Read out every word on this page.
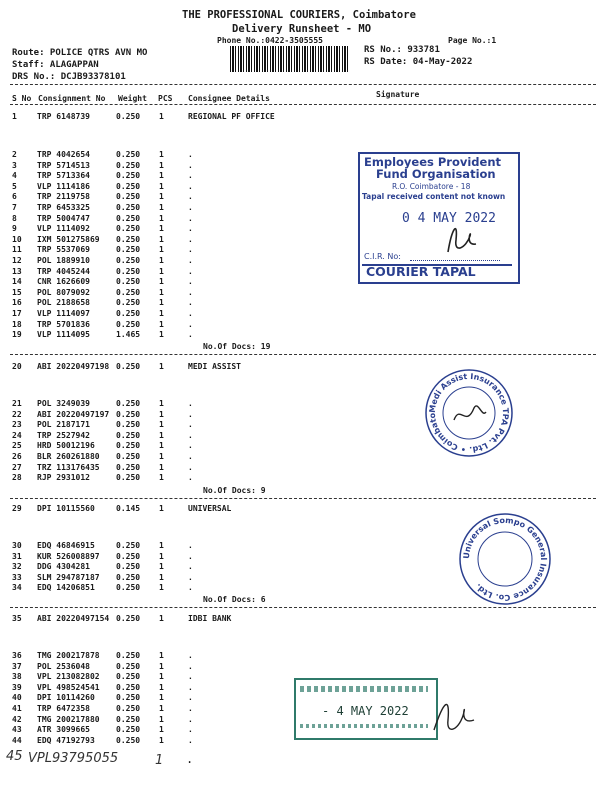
THE PROFESSIONAL COURIERS, Coimbatore
Delivery Runsheet - MO
Phone No.:0422-3505555	Page No.:1
Route: POLICE QTRS AVN MO
Staff: ALAGAPPAN
DRS No.: DCJB93378101
RS No.: 933781
RS Date: 04-May-2022
S No Consignment No Weight PCS Consignee Details	Signature
1	TRP 6148739	0.250 1	REGIONAL PF OFFICE
2	TRP 4042654	0.250 1	.
3	TRP 5714513	0.250 1	.
4	TRP 5713364	0.250 1	.
5	VLP 1114186	0.250 1	.
6	TRP 2119758	0.250 1	.
7	TRP 6453325	0.250 1	.
8	TRP 5004747	0.250 1	.
9	VLP 1114092	0.250 1	.
10 IXM 501275869 0.250 1	.
11 TRP 5537069	0.250 1	.
12 POL 1889910	0.250 1	.
13 TRP 4045244	0.250 1	.
14 CNR 1626609	0.250 1	.
15 POL 8079092	0.250 1	.
16 POL 2188658	0.250 1	.
17 VLP 1114097	0.250 1	.
18 TRP 5701836	0.250 1	.
19 VLP 1114095	1.465 1	.
No.Of Docs: 19
20 ABI 20220497198 0.250 1	MEDI ASSIST
21 POL 3249039	0.250 1	.
22 ABI 20220497197 0.250 1	.
23 POL 2187171	0.250 1	.
24 TRP 2527942	0.250 1	.
25 HRD 50012196	0.250 1	.
26 BLR 260261880 0.250 1	.
27 TRZ 113176435 0.250 1	.
28 RJP 2931012	0.250 1	.
No.Of Docs: 9
29 DPI 10115560	0.145 1	UNIVERSAL
30 EDQ 46846915	0.250 1	.
31 KUR 526008897 0.250 1	.
32 DDG 4304281	0.250 1	.
33 SLM 294787187 0.250 1	.
34 EDQ 14206851	0.250 1	.
No.Of Docs: 6
35 ABI 20220497154 0.250 1	IDBI BANK
36 TMG 200217878 0.250 1	.
37 POL 2536048	0.250 1	.
38 VPL 213082802 0.250 1	.
39 VPL 498524541 0.250 1	.
40 DPI 10114260	0.250 1	.
41 TRP 6472358	0.250 1	.
42 TMG 200217880 0.250 1	.
43 ATR 3099665	0.250 1	.
44 EDQ 47192793	0.250 1	.
45 VPL93795055	1 .
Employees Provident
Fund Organisation
R.O. Coimbatore - 18
Tapal received content not known
0 4 MAY 2022
C.I.R. No:
COURIER TAPAL
Medi Assist Insurance TPA Pvt. Ltd. • Coimbato
Universal Sompo General Insurance Co. Ltd.
- 4 MAY 2022
